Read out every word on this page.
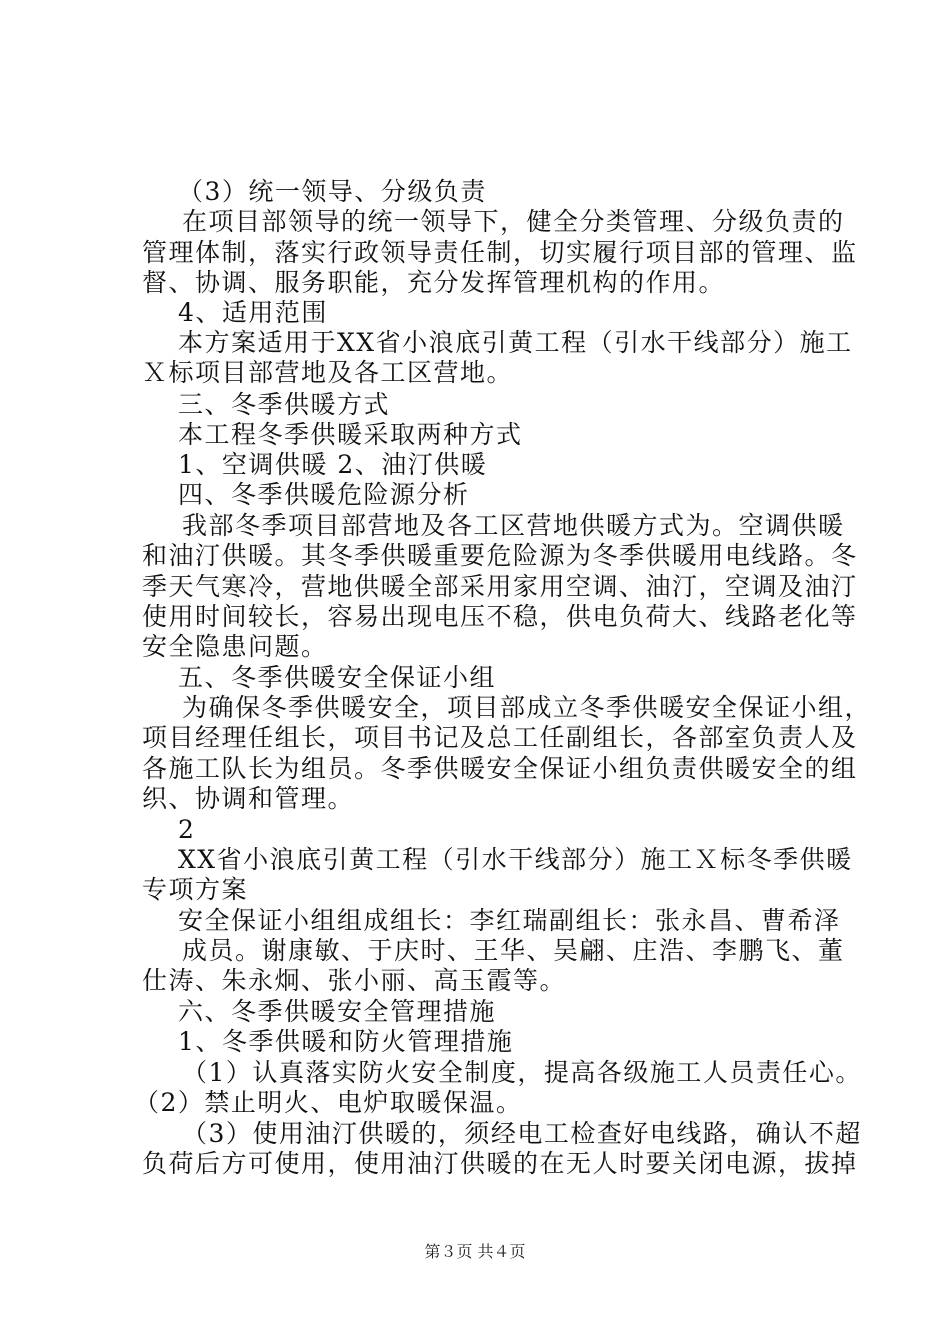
（3）统一领导、分级负责
在项目部领导的统一领导下，健全分类管理、分级负责的
管理体制，落实行政领导责任制，切实履行项目部的管理、监
督、协调、服务职能，充分发挥管理机构的作用。
4、适用范围
本方案适用于XX省小浪底引黄工程（引水干线部分）施工
Ｘ标项目部营地及各工区营地。
三、冬季供暖方式
本工程冬季供暖采取两种方式
1、空调供暖 2、油汀供暖
四、冬季供暖危险源分析
我部冬季项目部营地及各工区营地供暖方式为。空调供暖
和油汀供暖。其冬季供暖重要危险源为冬季供暖用电线路。冬
季天气寒冷，营地供暖全部采用家用空调、油汀，空调及油汀
使用时间较长，容易出现电压不稳，供电负荷大、线路老化等
安全隐患问题。
五、冬季供暖安全保证小组
为确保冬季供暖安全，项目部成立冬季供暖安全保证小组，
项目经理任组长，项目书记及总工任副组长，各部室负责人及
各施工队长为组员。冬季供暖安全保证小组负责供暖安全的组
织、协调和管理。
2
XX省小浪底引黄工程（引水干线部分）施工Ｘ标冬季供暖
专项方案
安全保证小组组成组长：李红瑞副组长：张永昌、曹希泽
成员。谢康敏、于庆时、王华、吴翩、庄浩、李鹏飞、董
仕涛、朱永炯、张小丽、高玉霞等。
六、冬季供暖安全管理措施
1、冬季供暖和防火管理措施
（1）认真落实防火安全制度，提高各级施工人员责任心。
（2）禁止明火、电炉取暖保温。
（3）使用油汀供暖的，须经电工检查好电线路，确认不超
负荷后方可使用，使用油汀供暖的在无人时要关闭电源，拔掉
第３页 共４页
